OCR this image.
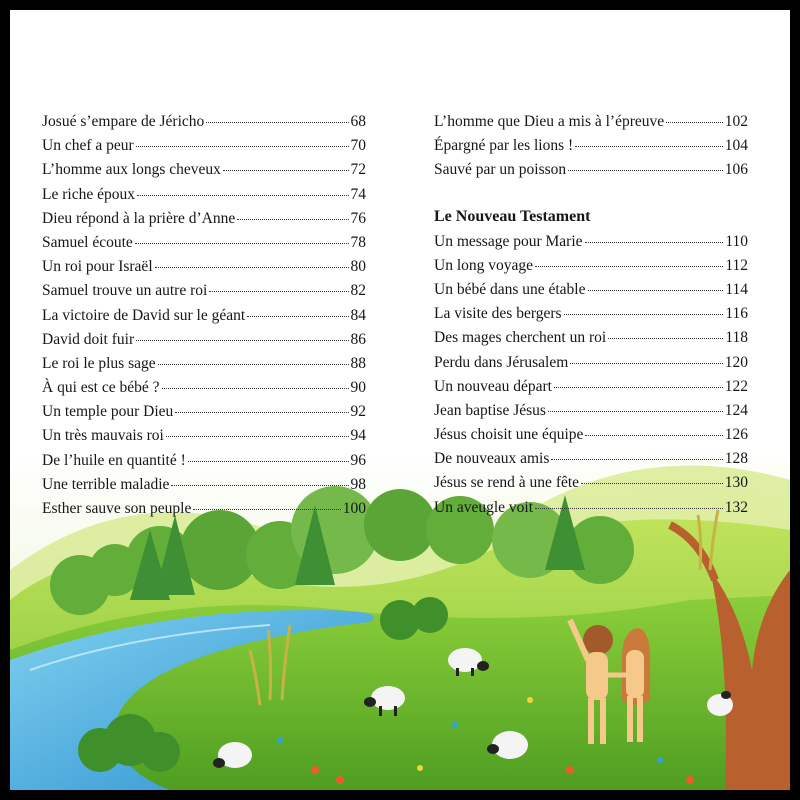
Josué s’empare de Jéricho	68
Un chef a peur	70
L’homme aux longs cheveux	72
Le riche époux	74
Dieu répond à la prière d’Anne	76
Samuel écoute	78
Un roi pour Israël	80
Samuel trouve un autre roi	82
La victoire de David sur le géant	84
David doit fuir	86
Le roi le plus sage	88
À qui est ce bébé ?	90
Un temple pour Dieu	92
Un très mauvais roi	94
De l’huile en quantité !	96
Une terrible maladie	98
Esther sauve son peuple	100
L’homme que Dieu a mis à l’épreuve	102
Épargné par les lions !	104
Sauvé par un poisson	106
Le Nouveau Testament
Un message pour Marie	110
Un long voyage	112
Un bébé dans une étable	114
La visite des bergers	116
Des mages cherchent un roi	118
Perdu dans Jérusalem	120
Un nouveau départ	122
Jean baptise Jésus	124
Jésus choisit une équipe	126
De nouveaux amis	128
Jésus se rend à une fête	130
Un aveugle voit	132
